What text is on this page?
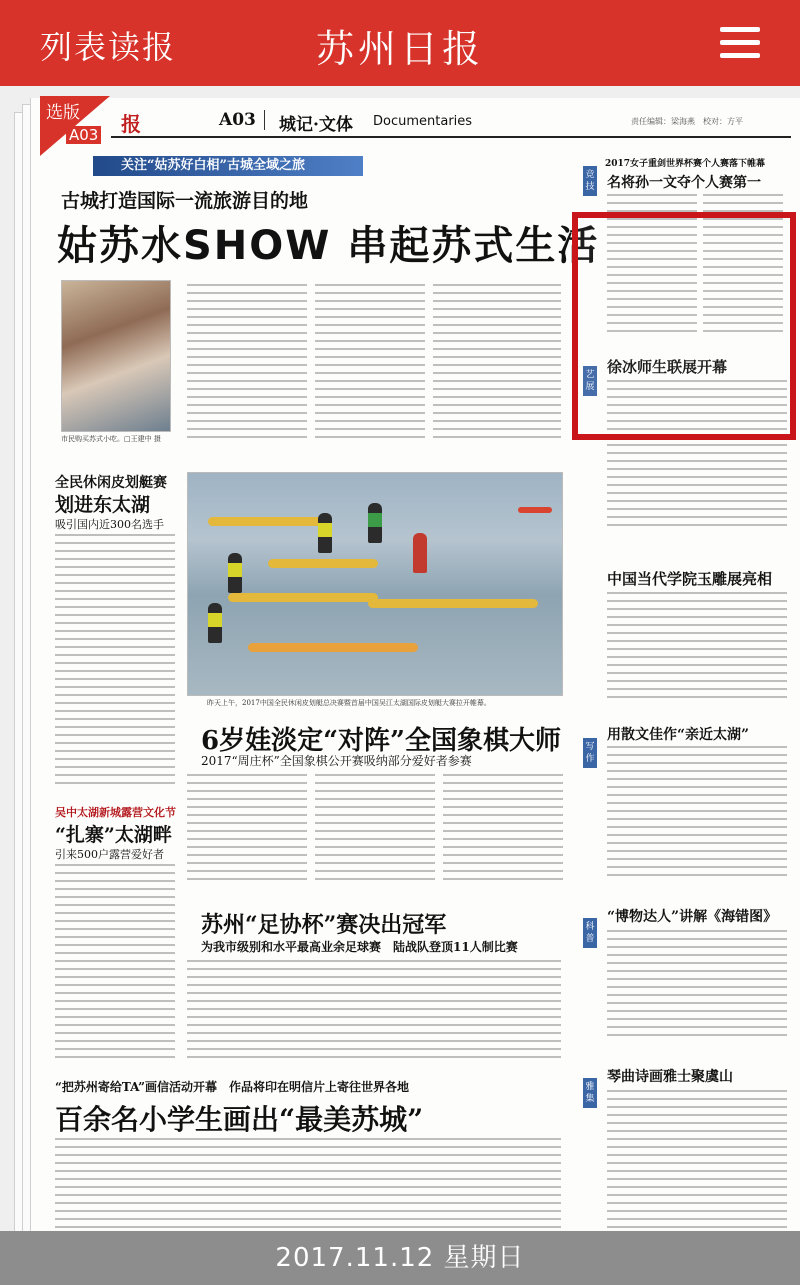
列表读报	苏州日报
报	A03	城记·文体 Documentaries	责任编辑：梁海燕　校对：方平
关注“姑苏好白相”古城全域之旅
古城打造国际一流旅游目的地
姑苏水SHOW 串起苏式生活
市民购买苏式小吃。□王建中 摄
全民休闲皮划艇赛
划进东太湖
吸引国内近300名选手
吴中太湖新城露营文化节
“扎寨”太湖畔
引来500户露营爱好者
昨天上午，2017中国全民休闲皮划艇总决赛暨首届中国吴江太湖国际皮划艇大赛拉开帷幕。
6岁娃淡定“对阵”全国象棋大师
2017“周庄杯”全国象棋公开赛吸纳部分爱好者参赛
苏州“足协杯”赛决出冠军
为我市级别和水平最高业余足球赛　陆战队登顶11人制比赛
“把苏州寄给TA”画信活动开幕　作品将印在明信片上寄往世界各地
百余名小学生画出“最美苏城”
竞技
2017女子重剑世界杯赛个人赛落下帷幕
名将孙一文夺个人赛第一
艺展
徐冰师生联展开幕
中国当代学院玉雕展亮相
写作
用散文佳作“亲近太湖”
科普
“博物达人”讲解《海错图》
雅集
琴曲诗画雅士聚虞山
选版
A03
2017.11.12 星期日
